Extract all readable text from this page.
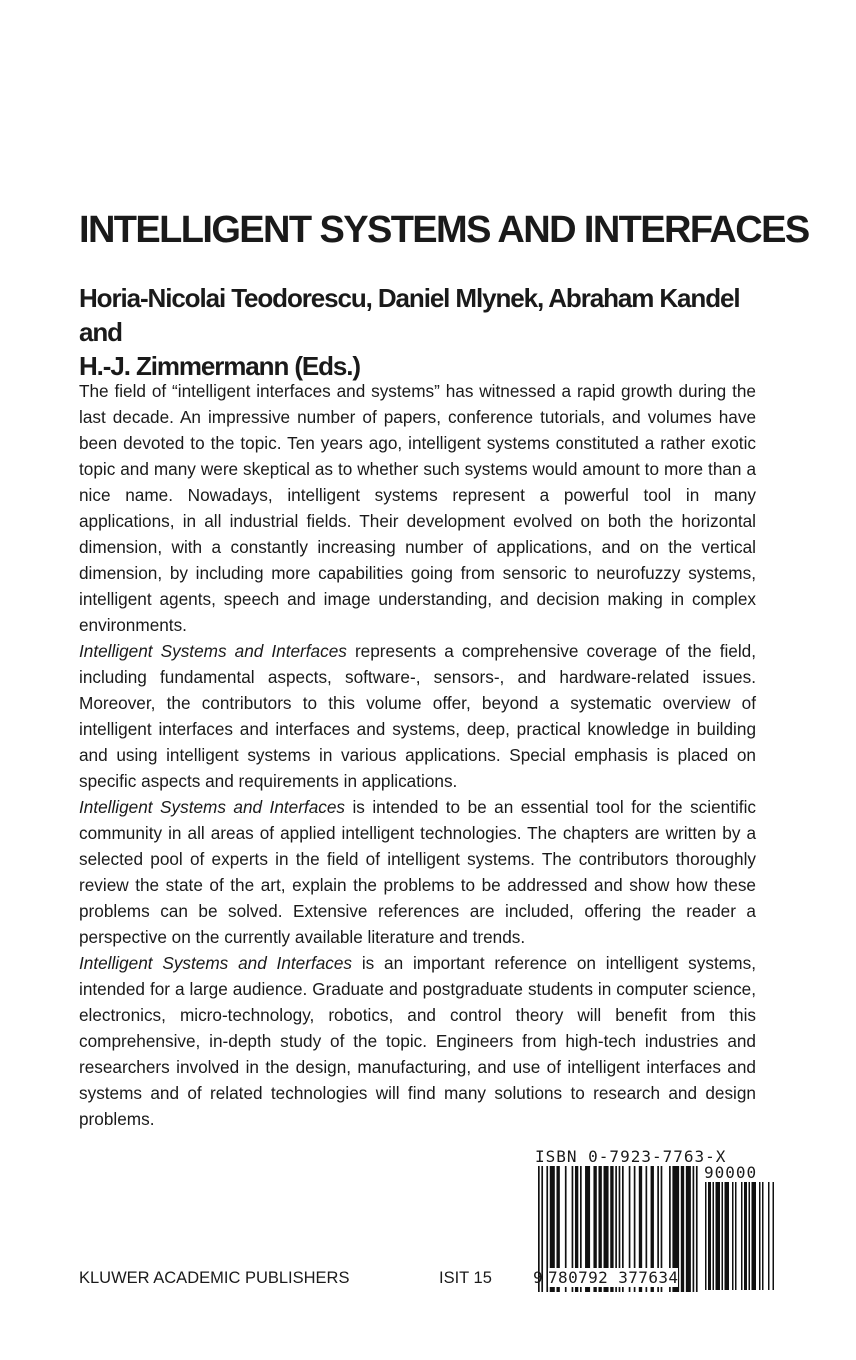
INTELLIGENT SYSTEMS AND INTERFACES
Horia-Nicolai Teodorescu, Daniel Mlynek, Abraham Kandel and
H.-J. Zimmermann (Eds.)

The field of “intelligent interfaces and systems” has witnessed a rapid growth during the last decade. An impressive number of papers, conference tutorials, and volumes have been devoted to the topic. Ten years ago, intelligent systems constituted a rather exotic topic and many were skeptical as to whether such systems would amount to more than a nice name. Nowadays, intelligent systems represent a powerful tool in many applications, in all industrial fields. Their development evolved on both the horizontal dimension, with a constantly increasing number of applications, and on the vertical dimension, by including more capabilities going from sensoric to neurofuzzy systems, intelligent agents, speech and image understanding, and decision making in complex environments.

Intelligent Systems and Interfaces represents a comprehensive coverage of the field, including fundamental aspects, software-, sensors-, and hardware-related issues. Moreover, the contributors to this volume offer, beyond a systematic overview of intelligent interfaces and interfaces and systems, deep, practical knowledge in building and using intelligent systems in various applications. Special emphasis is placed on specific aspects and requirements in applications.

Intelligent Systems and Interfaces is intended to be an essential tool for the scientific community in all areas of applied intelligent technologies. The chapters are written by a selected pool of experts in the field of intelligent systems. The contributors thoroughly review the state of the art, explain the problems to be addressed and show how these problems can be solved. Extensive references are included, offering the reader a perspective on the currently available literature and trends.

Intelligent Systems and Interfaces is an important reference on intelligent systems, intended for a large audience. Graduate and postgraduate students in computer science, electronics, micro-technology, robotics, and control theory will benefit from this comprehensive, in-depth study of the topic. Engineers from high-tech industries and researchers involved in the design, manufacturing, and use of intelligent interfaces and systems and of related technologies will find many solutions to research and design problems.

KLUWER ACADEMIC PUBLISHERS	ISIT 15
ISBN 0-7923-7763-X
90000
9 780792 377634
